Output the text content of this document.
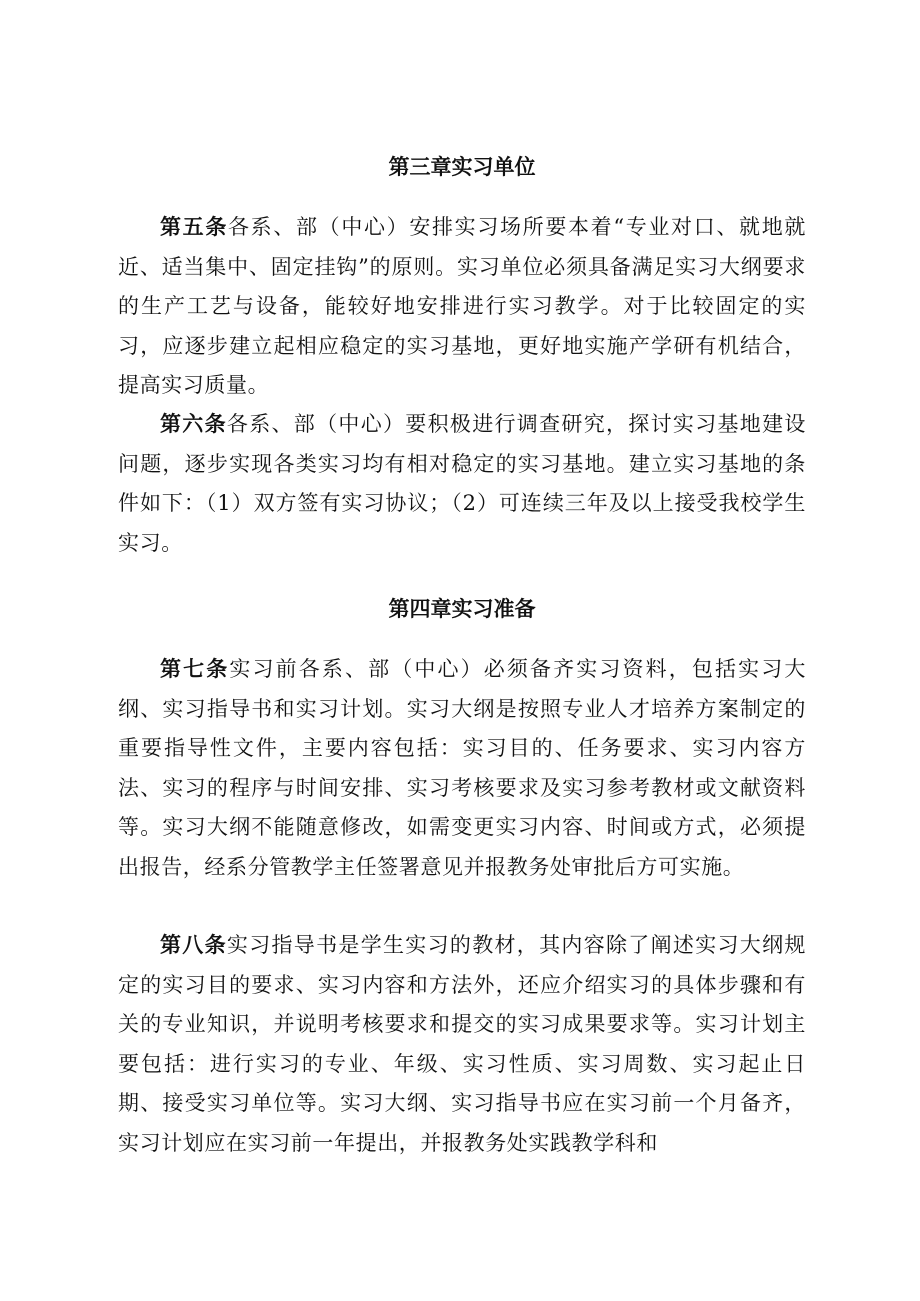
第三章实习单位

第五条各系、部（中心）安排实习场所要本着“专业对口、就地就近、适当集中、固定挂钩”的原则。实习单位必须具备满足实习大纲要求的生产工艺与设备，能较好地安排进行实习教学。对于比较固定的实习，应逐步建立起相应稳定的实习基地，更好地实施产学研有机结合，提高实习质量。

第六条各系、部（中心）要积极进行调查研究，探讨实习基地建设问题，逐步实现各类实习均有相对稳定的实习基地。建立实习基地的条件如下：（1）双方签有实习协议；（2）可连续三年及以上接受我校学生实习。

第四章实习准备

第七条实习前各系、部（中心）必须备齐实习资料，包括实习大纲、实习指导书和实习计划。实习大纲是按照专业人才培养方案制定的重要指导性文件，主要内容包括：实习目的、任务要求、实习内容方法、实习的程序与时间安排、实习考核要求及实习参考教材或文献资料等。实习大纲不能随意修改，如需变更实习内容、时间或方式，必须提出报告，经系分管教学主任签署意见并报教务处审批后方可实施。

第八条实习指导书是学生实习的教材，其内容除了阐述实习大纲规定的实习目的要求、实习内容和方法外，还应介绍实习的具体步骤和有关的专业知识，并说明考核要求和提交的实习成果要求等。实习计划主要包括：进行实习的专业、年级、实习性质、实习周数、实习起止日期、接受实习单位等。实习大纲、实习指导书应在实习前一个月备齐，实习计划应在实习前一年提出，并报教务处实践教学科和
